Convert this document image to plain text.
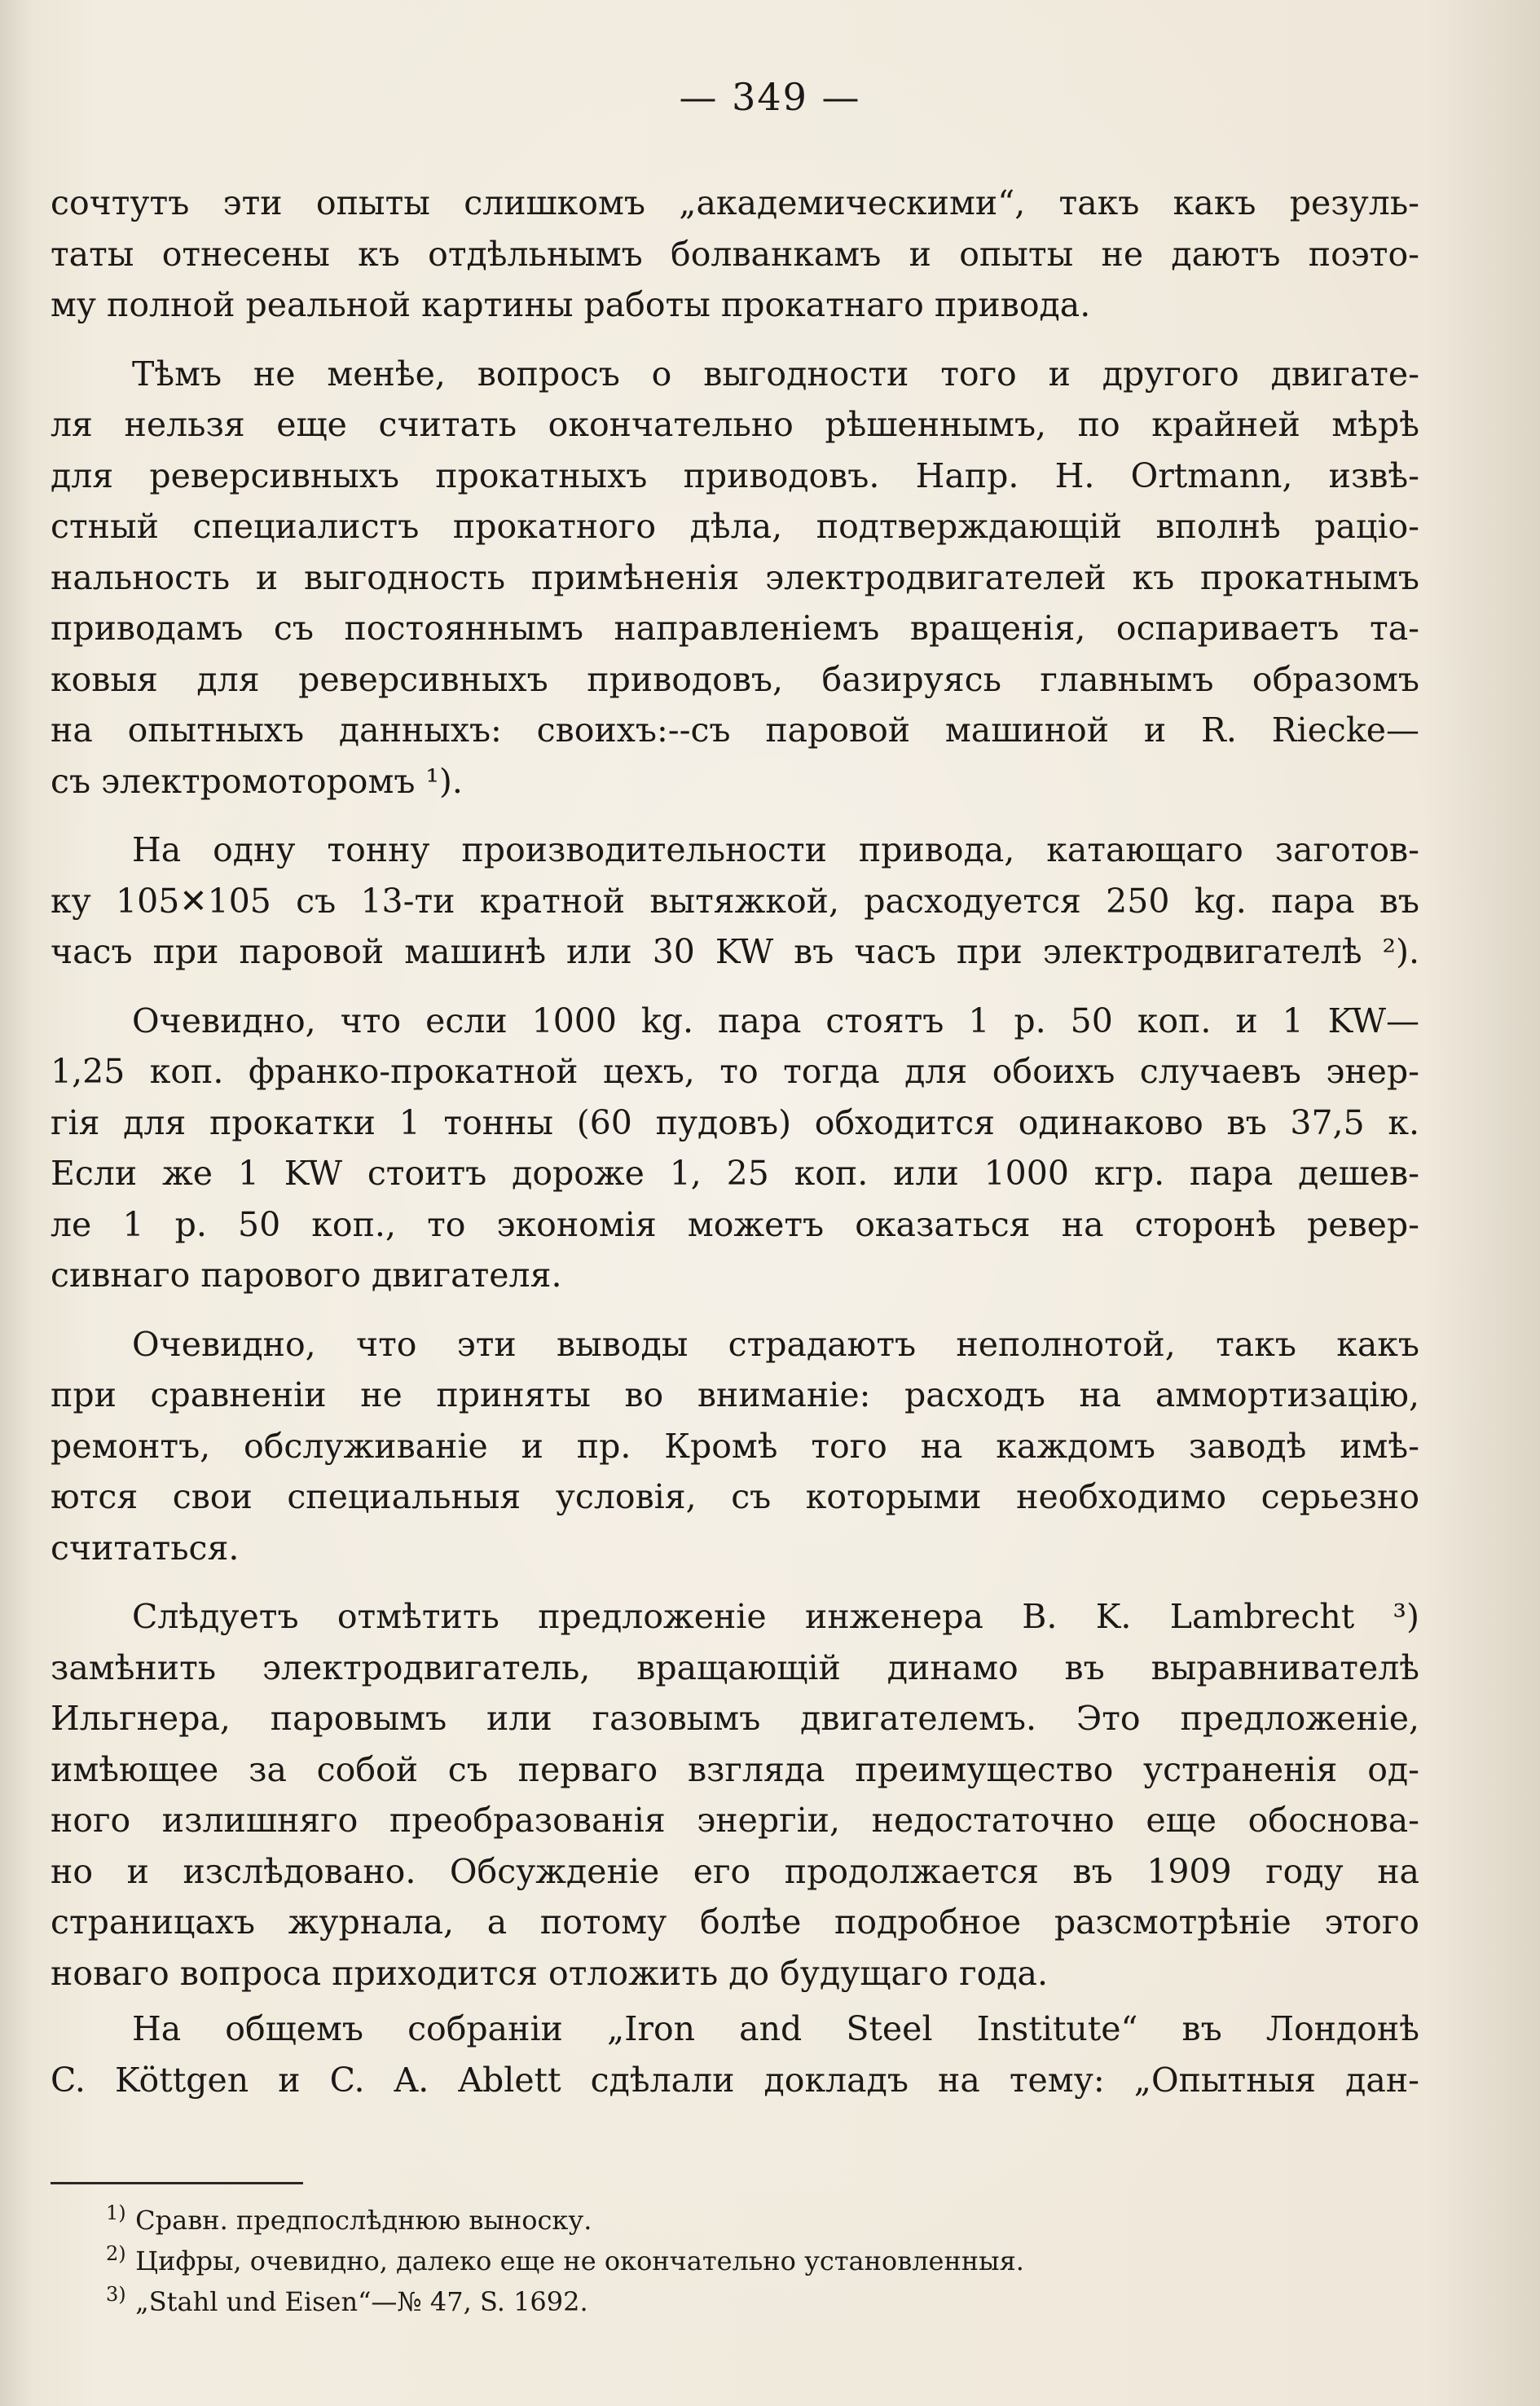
— 349 —
сочтутъ эти опыты слишкомъ „академическими“, такъ какъ резуль-
таты отнесены къ отдѣльнымъ болванкамъ и опыты не даютъ поэто-
му полной реальной картины работы прокатнаго привода.
Тѣмъ не менѣе, вопросъ о выгодности того и другого двигате-
ля нельзя еще считать окончательно рѣшеннымъ, по крайней мѣрѣ
для реверсивныхъ прокатныхъ приводовъ. Напр. H. Ortmann, извѣ-
стный специалистъ прокатного дѣла, подтверждающій вполнѣ раціо-
нальность и выгодность примѣненія электродвигателей къ прокатнымъ
приводамъ съ постояннымъ направленіемъ вращенія, оспариваетъ та-
ковыя для реверсивныхъ приводовъ, базируясь главнымъ образомъ
на опытныхъ данныхъ: своихъ:--съ паровой машиной и R. Riecke—
съ электромоторомъ ¹).
На одну тонну производительности привода, катающаго заготов-
ку 105✕105 съ 13-ти кратной вытяжкой, расходуется 250 kg. пара въ
часъ при паровой машинѣ или 30 KW въ часъ при электродвигателѣ ²).
Очевидно, что если 1000 kg. пара стоятъ 1 р. 50 коп. и 1 KW—
1,25 коп. франко-прокатной цехъ, то тогда для обоихъ случаевъ энер-
гія для прокатки 1 тонны (60 пудовъ) обходится одинаково въ 37,5 к.
Если же 1 KW стоитъ дороже 1, 25 коп. или 1000 кгр. пара дешев-
ле 1 р. 50 коп., то экономія можетъ оказаться на сторонѣ ревер-
сивнаго парового двигателя.
Очевидно, что эти выводы страдаютъ неполнотой, такъ какъ
при сравненіи не приняты во вниманіе: расходъ на аммортизацію,
ремонтъ, обслуживаніе и пр. Кромѣ того на каждомъ заводѣ имѣ-
ются свои специальныя условія, съ которыми необходимо серьезно
считаться.
Слѣдуетъ отмѣтить предложеніе инженера B. K. Lambrecht ³)
замѣнить электродвигатель, вращающій динамо въ выравнивателѣ
Ильгнера, паровымъ или газовымъ двигателемъ. Это предложеніе,
имѣющее за собой съ перваго взгляда преимущество устраненія од-
ного излишняго преобразованія энергіи, недостаточно еще обоснова-
но и изслѣдовано. Обсужденіе его продолжается въ 1909 году на
страницахъ журнала, а потому болѣе подробное разсмотрѣніе этого
новаго вопроса приходится отложить до будущаго года.
На общемъ собраніи „Iron and Steel Institute“ въ Лондонѣ
C. Köttgen и C. A. Ablett сдѣлали докладъ на тему: „Опытныя дан-
1) Сравн. предпослѣднюю выноску.
2) Цифры, очевидно, далеко еще не окончательно установленныя.
3) „Stahl und Eisen“—№ 47, S. 1692.
